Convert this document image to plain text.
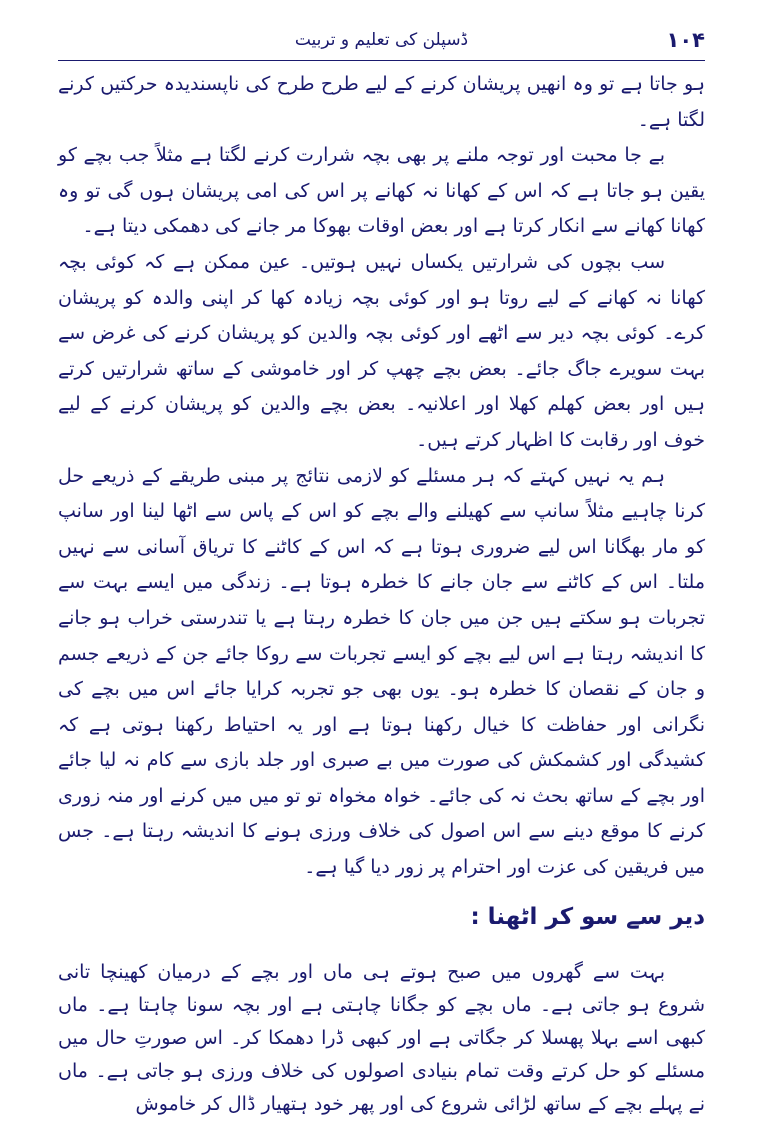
۱۰۴
ڈسپلن کی تعلیم و تربیت

ہو جاتا ہے تو وہ انھیں پریشان کرنے کے لیے طرح طرح کی ناپسندیدہ حرکتیں کرنے لگتا ہے۔

بے جا محبت اور توجہ ملنے پر بھی بچہ شرارت کرنے لگتا ہے مثلاً جب بچے کو یقین ہو جاتا ہے کہ اس کے کھانا نہ کھانے پر اس کی امی پریشان ہوں گی تو وہ کھانا کھانے سے انکار کرتا ہے اور بعض اوقات بھوکا مر جانے کی دھمکی دیتا ہے۔

سب بچوں کی شرارتیں یکساں نہیں ہوتیں۔ عین ممکن ہے کہ کوئی بچہ کھانا نہ کھانے کے لیے روتا ہو اور کوئی بچہ زیادہ کھا کر اپنی والدہ کو پریشان کرے۔ کوئی بچہ دیر سے اٹھے اور کوئی بچہ والدین کو پریشان کرنے کی غرض سے بہت سویرے جاگ جائے۔ بعض بچے چھپ کر اور خاموشی کے ساتھ شرارتیں کرتے ہیں اور بعض کھلم کھلا اور اعلانیہ۔ بعض بچے والدین کو پریشان کرنے کے لیے خوف اور رقابت کا اظہار کرتے ہیں۔

ہم یہ نہیں کہتے کہ ہر مسئلے کو لازمی نتائج پر مبنی طریقے کے ذریعے حل کرنا چاہیے مثلاً سانپ سے کھیلنے والے بچے کو اس کے پاس سے اٹھا لینا اور سانپ کو مار بھگانا اس لیے ضروری ہوتا ہے کہ اس کے کاٹنے کا تریاق آسانی سے نہیں ملتا۔ اس کے کاٹنے سے جان جانے کا خطرہ ہوتا ہے۔ زندگی میں ایسے بہت سے تجربات ہو سکتے ہیں جن میں جان کا خطرہ رہتا ہے یا تندرستی خراب ہو جانے کا اندیشہ رہتا ہے اس لیے بچے کو ایسے تجربات سے روکا جائے جن کے ذریعے جسم و جان کے نقصان کا خطرہ ہو۔ یوں بھی جو تجربہ کرایا جائے اس میں بچے کی نگرانی اور حفاظت کا خیال رکھنا ہوتا ہے اور یہ احتیاط رکھنا ہوتی ہے کہ کشیدگی اور کشمکش کی صورت میں بے صبری اور جلد بازی سے کام نہ لیا جائے اور بچے کے ساتھ بحث نہ کی جائے۔ خواہ مخواہ تو تو میں میں کرنے اور منہ زوری کرنے کا موقع دینے سے اس اصول کی خلاف ورزی ہونے کا اندیشہ رہتا ہے۔ جس میں فریقین کی عزت اور احترام پر زور دیا گیا ہے۔

دیر سے سو کر اٹھنا :

بہت سے گھروں میں صبح ہوتے ہی ماں اور بچے کے درمیان کھینچا تانی شروع ہو جاتی ہے۔ ماں بچے کو جگانا چاہتی ہے اور بچہ سونا چاہتا ہے۔ ماں کبھی اسے بہلا پھسلا کر جگاتی ہے اور کبھی ڈرا دھمکا کر۔ اس صورتِ حال میں مسئلے کو حل کرتے وقت تمام بنیادی اصولوں کی خلاف ورزی ہو جاتی ہے۔ ماں نے پہلے بچے کے ساتھ لڑائی شروع کی اور پھر خود ہتھیار ڈال کر خاموش
